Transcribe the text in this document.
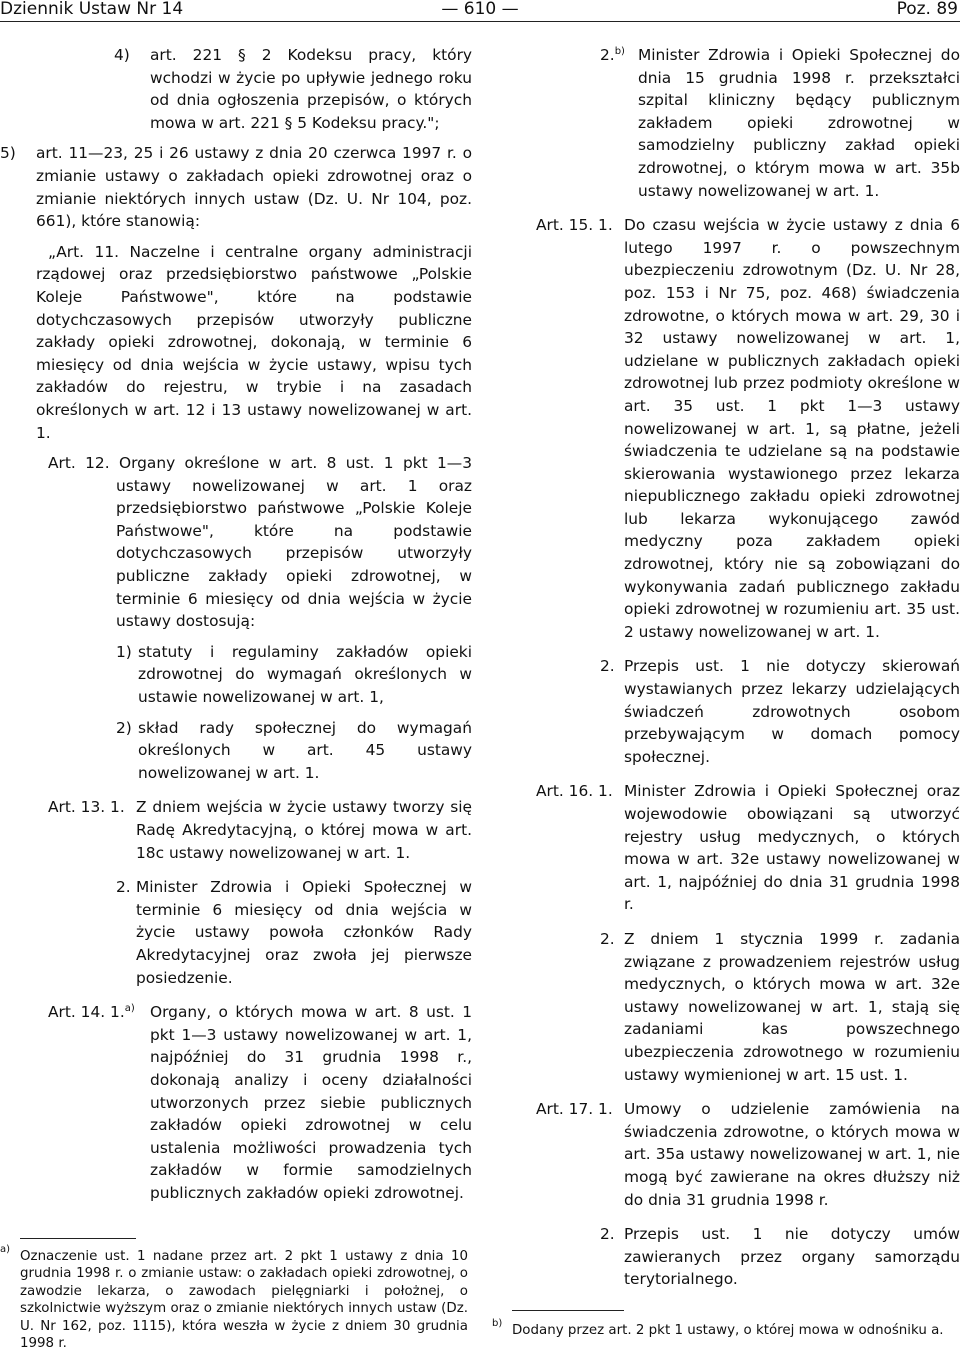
Dziennik Ustaw Nr 14	— 610 —	Poz. 89
4) art. 221 § 2 Kodeksu pracy, który wchodzi w życie po upływie jednego roku od dnia ogłoszenia przepisów, o których mowa w art. 221 § 5 Kodeksu pracy.";
5) art. 11—23, 25 i 26 ustawy z dnia 20 czerwca 1997 r. o zmianie ustawy o zakładach opieki zdrowotnej oraz o zmianie niektórych innych ustaw (Dz. U. Nr 104, poz. 661), które stanowią:
„Art. 11. Naczelne i centralne organy administracji rządowej oraz przedsiębiorstwo państwowe „Polskie Koleje Państwowe", które na podstawie dotychczasowych przepisów utworzyły publiczne zakłady opieki zdrowotnej, dokonają, w terminie 6 miesięcy od dnia wejścia w życie ustawy, wpisu tych zakładów do rejestru, w trybie i na zasadach określonych w art. 12 i 13 ustawy nowelizowanej w art. 1.
Art. 12. Organy określone w art. 8 ust. 1 pkt 1—3 ustawy nowelizowanej w art. 1 oraz przedsiębiorstwo państwowe „Polskie Koleje Państwowe", które na podstawie dotychczasowych przepisów utworzyły publiczne zakłady opieki zdrowotnej, w terminie 6 miesięcy od dnia wejścia w życie ustawy dostosują:
1) statuty i regulaminy zakładów opieki zdrowotnej do wymagań określonych w ustawie nowelizowanej w art. 1,
2) skład rady społecznej do wymagań określonych w art. 45 ustawy nowelizowanej w art. 1.
Art. 13. 1. Z dniem wejścia w życie ustawy tworzy się Radę Akredytacyjną, o której mowa w art. 18c ustawy nowelizowanej w art. 1.
2. Minister Zdrowia i Opieki Społecznej w terminie 6 miesięcy od dnia wejścia w życie ustawy powoła członków Rady Akredytacyjnej oraz zwoła jej pierwsze posiedzenie.
Art. 14. 1.$^{a)}$ Organy, o których mowa w art. 8 ust. 1 pkt 1—3 ustawy nowelizowanej w art. 1, najpóźniej do 31 grudnia 1998 r., dokonają analizy i oceny działalności utworzonych przez siebie publicznych zakładów opieki zdrowotnej w celu ustalenia możliwości prowadzenia tych zakładów w formie samodzielnych publicznych zakładów opieki zdrowotnej.
2.$^{b)}$ Minister Zdrowia i Opieki Społecznej do dnia 15 grudnia 1998 r. przekształci szpital kliniczny będący publicznym zakładem opieki zdrowotnej w samodzielny publiczny zakład opieki zdrowotnej, o którym mowa w art. 35b ustawy nowelizowanej w art. 1.
Art. 15. 1. Do czasu wejścia w życie ustawy z dnia 6 lutego 1997 r. o powszechnym ubezpieczeniu zdrowotnym (Dz. U. Nr 28, poz. 153 i Nr 75, poz. 468) świadczenia zdrowotne, o których mowa w art. 29, 30 i 32 ustawy nowelizowanej w art. 1, udzielane w publicznych zakładach opieki zdrowotnej lub przez podmioty określone w art. 35 ust. 1 pkt 1—3 ustawy nowelizowanej w art. 1, są płatne, jeżeli świadczenia te udzielane są na podstawie skierowania wystawionego przez lekarza niepublicznego zakładu opieki zdrowotnej lub lekarza wykonującego zawód medyczny poza zakładem opieki zdrowotnej, który nie są zobowiązani do wykonywania zadań publicznego zakładu opieki zdrowotnej w rozumieniu art. 35 ust. 2 ustawy nowelizowanej w art. 1.
2. Przepis ust. 1 nie dotyczy skierowań wystawianych przez lekarzy udzielających świadczeń zdrowotnych osobom przebywającym w domach pomocy społecznej.
Art. 16. 1. Minister Zdrowia i Opieki Społecznej oraz wojewodowie obowiązani są utworzyć rejestry usług medycznych, o których mowa w art. 32e ustawy nowelizowanej w art. 1, najpóźniej do dnia 31 grudnia 1998 r.
2. Z dniem 1 stycznia 1999 r. zadania związane z prowadzeniem rejestrów usług medycznych, o których mowa w art. 32e ustawy nowelizowanej w art. 1, stają się zadaniami kas powszechnego ubezpieczenia zdrowotnego w rozumieniu ustawy wymienionej w art. 15 ust. 1.
Art. 17. 1. Umowy o udzielenie zamówienia na świadczenia zdrowotne, o których mowa w art. 35a ustawy nowelizowanej w art. 1, nie mogą być zawierane na okres dłuższy niż do dnia 31 grudnia 1998 r.
2. Przepis ust. 1 nie dotyczy umów zawieranych przez organy samorządu terytorialnego.
a) Oznaczenie ust. 1 nadane przez art. 2 pkt 1 ustawy z dnia 10 grudnia 1998 r. o zmianie ustaw: o zakładach opieki zdrowotnej, o zawodzie lekarza, o zawodach pielęgniarki i położnej, o szkolnictwie wyższym oraz o zmianie niektórych innych ustaw (Dz. U. Nr 162, poz. 1115), która weszła w życie z dniem 30 grudnia 1998 r.
b) Dodany przez art. 2 pkt 1 ustawy, o której mowa w odnośniku a.
